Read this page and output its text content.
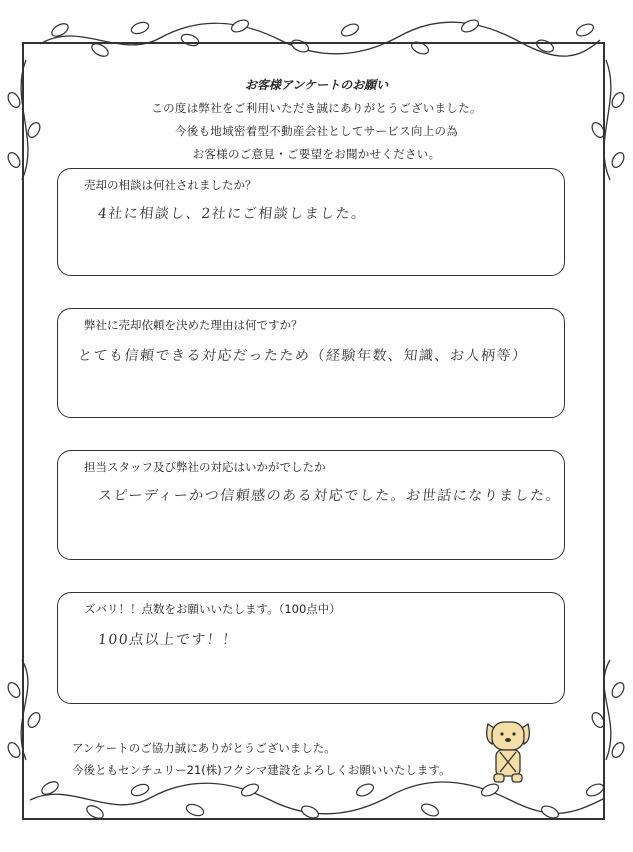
お客様アンケートのお願い
この度は弊社をご利用いただき誠にありがとうございました。
今後も地域密着型不動産会社としてサービス向上の為
お客様のご意見・ご要望をお聞かせください。
売却の相談は何社されましたか？
4社に相談し、2社にご相談しました。
弊社に売却依頼を決めた理由は何ですか？
とても信頼できる対応だったため（経験年数、知識、お人柄等）
担当スタッフ及び弊社の対応はいかがでしたか
スピーディーかつ信頼感のある対応でした。お世話になりました。
ズバリ！！点数をお願いいたします。（100点中）
100点以上です！！
アンケートのご協力誠にありがとうございました。
今後ともセンチュリー21(株)フクシマ建設をよろしくお願いいたします。
